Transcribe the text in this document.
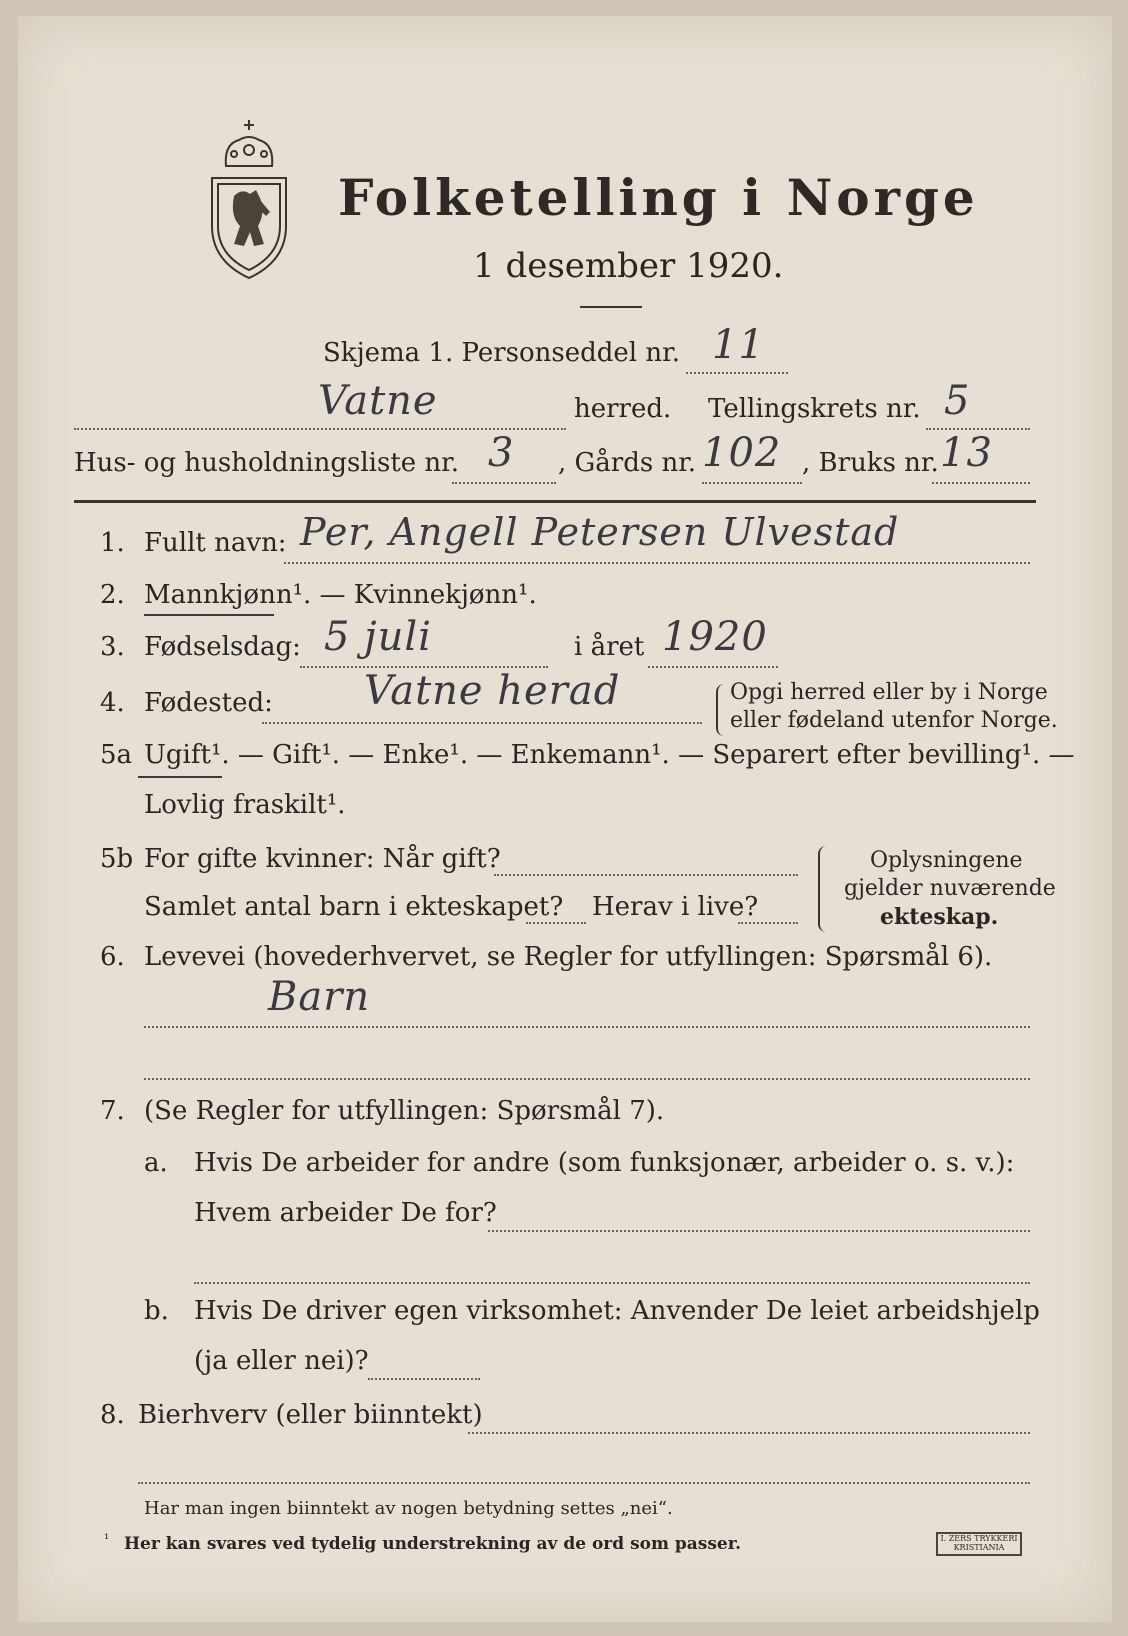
Folketelling i Norge
1 desember 1920.
Skjema 1. Personseddel nr. 11
Vatne	herred. Tellingskrets nr. 5
Hus- og husholdningsliste nr. 3 , Gårds nr. 102 , Bruks nr. 13
1. Fullt navn: Per, Angell Petersen Ulvestad
2. Mannkjønn¹. — Kvinnekjønn¹.
3. Fødselsdag: 5 juli	i året 1920
4. Fødested: Vatne herad	Opgi herred eller by i Norge
eller fødeland utenfor Norge.
5a Ugift¹. — Gift¹. — Enke¹. — Enkemann¹. — Separert efter bevilling¹. —
Lovlig fraskilt¹.
5b For gifte kvinner: Når gift?
Samlet antal barn i ekteskapet? Herav i live?
Oplysningene
gjelder nuværende
ekteskap.
6. Levevei (hovederhvervet, se Regler for utfyllingen: Spørsmål 6).
Barn
7. (Se Regler for utfyllingen: Spørsmål 7).
a. Hvis De arbeider for andre (som funksjonær, arbeider o. s. v.):
Hvem arbeider De for?
b. Hvis De driver egen virksomhet: Anvender De leiet arbeidshjelp
(ja eller nei)?
8. Bierhverv (eller biinntekt)
Har man ingen biinntekt av nogen betydning settes „nei“.
¹ Her kan svares ved tydelig understrekning av de ord som passer.	I. ZERS TRYKKERI KRISTIANIA
